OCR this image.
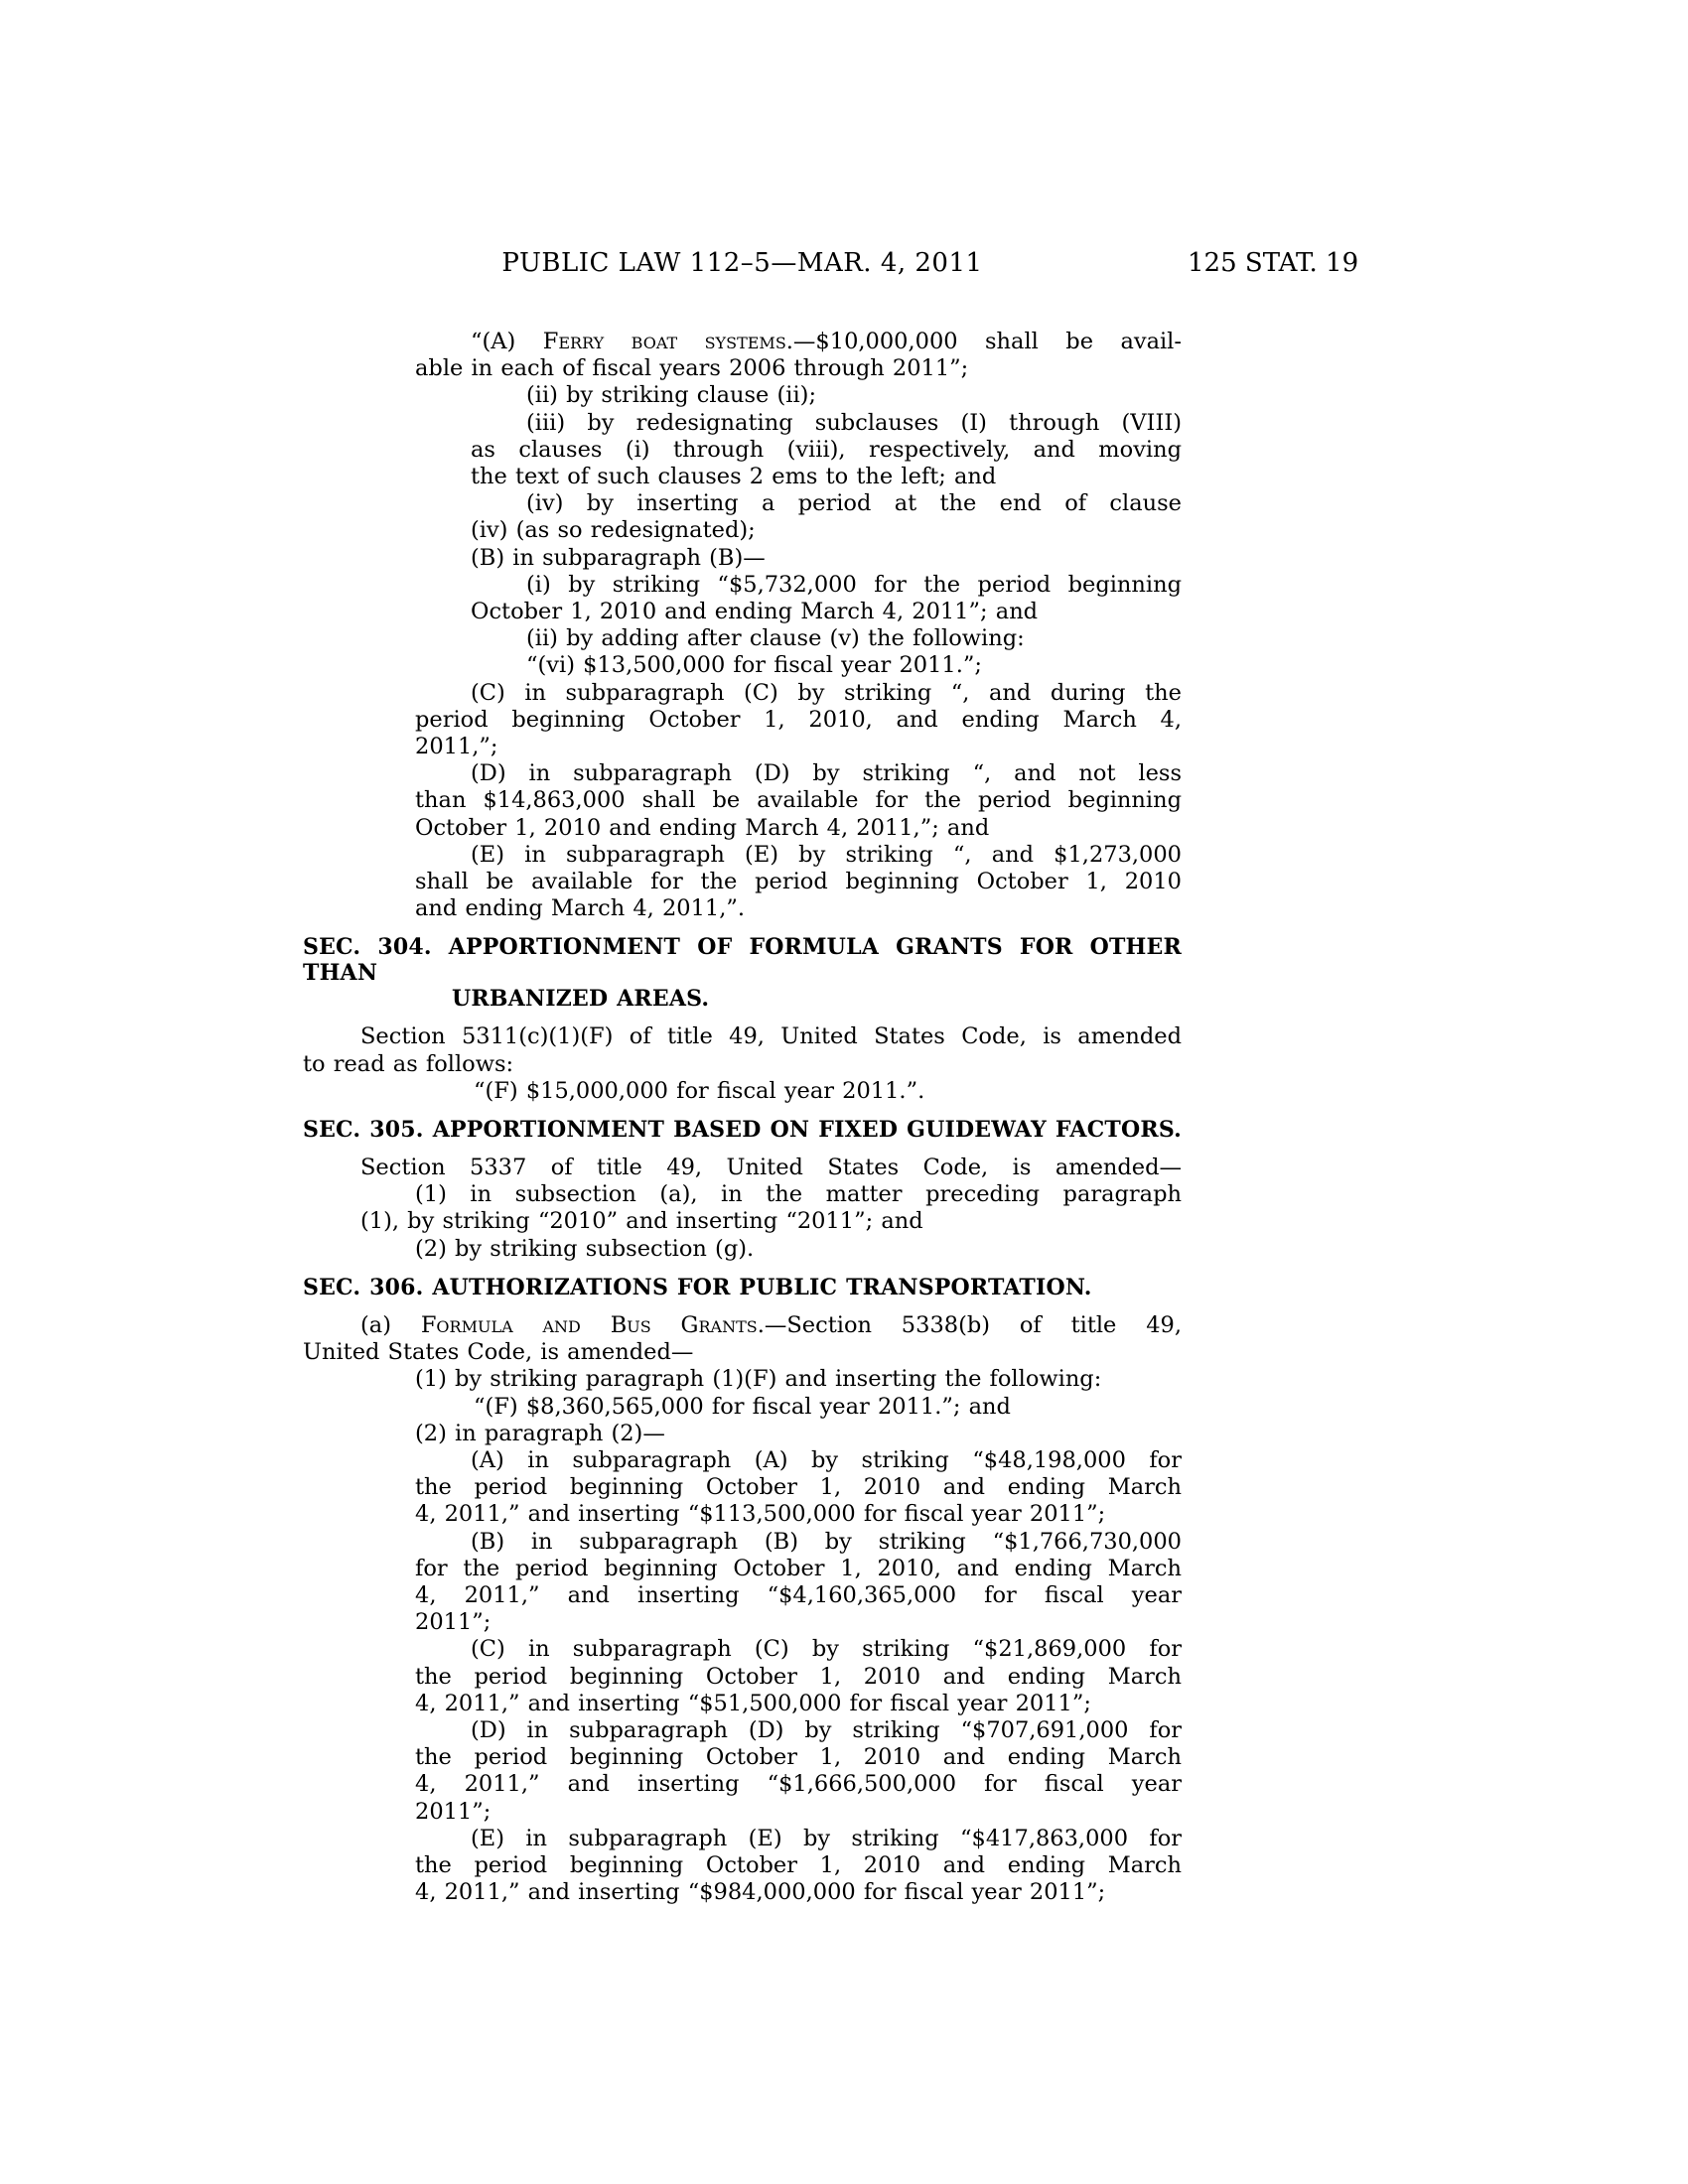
PUBLIC LAW 112–5—MAR. 4, 2011	125 STAT. 19
“(A) Ferry boat systems.—$10,000,000 shall be avail-
able in each of fiscal years 2006 through 2011”;
(ii) by striking clause (ii);
(iii) by redesignating subclauses (I) through (VIII)
as clauses (i) through (viii), respectively, and moving
the text of such clauses 2 ems to the left; and
(iv) by inserting a period at the end of clause
(iv) (as so redesignated);
(B) in subparagraph (B)—
(i) by striking “$5,732,000 for the period beginning
October 1, 2010 and ending March 4, 2011”; and
(ii) by adding after clause (v) the following:
“(vi) $13,500,000 for fiscal year 2011.”;
(C) in subparagraph (C) by striking “, and during the
period beginning October 1, 2010, and ending March 4,
2011,”;
(D) in subparagraph (D) by striking “, and not less
than $14,863,000 shall be available for the period beginning
October 1, 2010 and ending March 4, 2011,”; and
(E) in subparagraph (E) by striking “, and $1,273,000
shall be available for the period beginning October 1, 2010
and ending March 4, 2011,”.
SEC. 304. APPORTIONMENT OF FORMULA GRANTS FOR OTHER THAN
URBANIZED AREAS.
Section 5311(c)(1)(F) of title 49, United States Code, is amended
to read as follows:
“(F) $15,000,000 for fiscal year 2011.”.
SEC. 305. APPORTIONMENT BASED ON FIXED GUIDEWAY FACTORS.
Section 5337 of title 49, United States Code, is amended—
(1) in subsection (a), in the matter preceding paragraph
(1), by striking “2010” and inserting “2011”; and
(2) by striking subsection (g).
SEC. 306. AUTHORIZATIONS FOR PUBLIC TRANSPORTATION.
(a) Formula and Bus Grants.—Section 5338(b) of title 49,
United States Code, is amended—
(1) by striking paragraph (1)(F) and inserting the following:
“(F) $8,360,565,000 for fiscal year 2011.”; and
(2) in paragraph (2)—
(A) in subparagraph (A) by striking “$48,198,000 for
the period beginning October 1, 2010 and ending March
4, 2011,” and inserting “$113,500,000 for fiscal year 2011”;
(B) in subparagraph (B) by striking “$1,766,730,000
for the period beginning October 1, 2010, and ending March
4, 2011,” and inserting “$4,160,365,000 for fiscal year
2011”;
(C) in subparagraph (C) by striking “$21,869,000 for
the period beginning October 1, 2010 and ending March
4, 2011,” and inserting “$51,500,000 for fiscal year 2011”;
(D) in subparagraph (D) by striking “$707,691,000 for
the period beginning October 1, 2010 and ending March
4, 2011,” and inserting “$1,666,500,000 for fiscal year
2011”;
(E) in subparagraph (E) by striking “$417,863,000 for
the period beginning October 1, 2010 and ending March
4, 2011,” and inserting “$984,000,000 for fiscal year 2011”;
